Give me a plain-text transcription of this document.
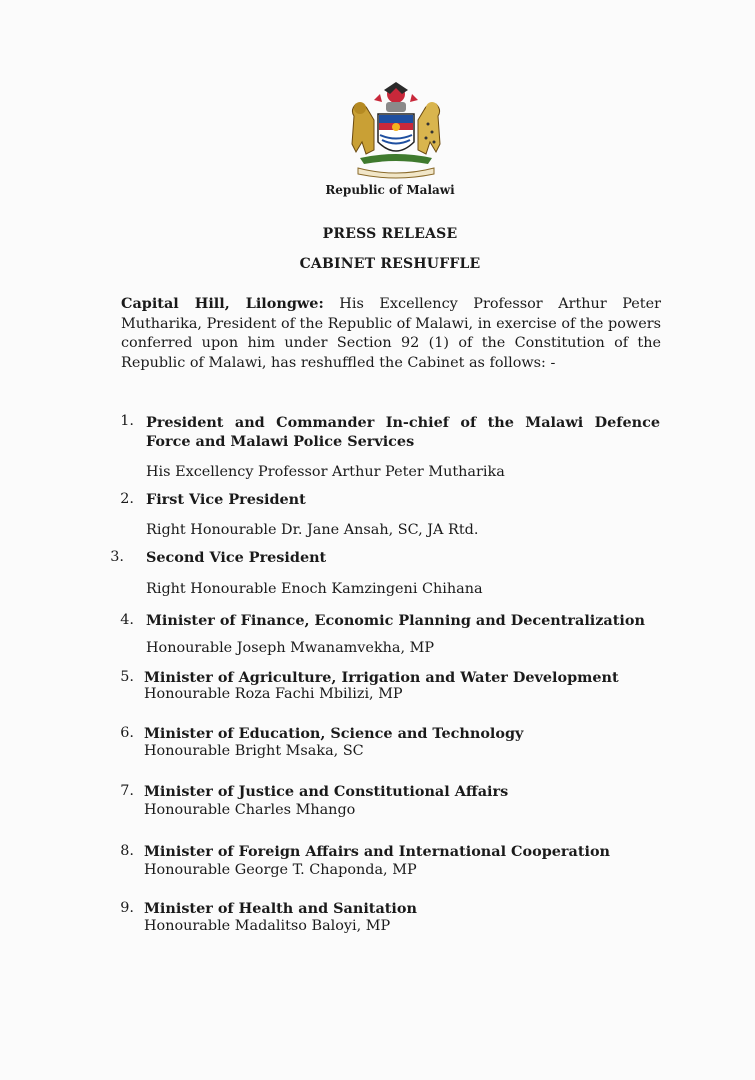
Republic of Malawi
PRESS RELEASE
CABINET RESHUFFLE
Capital Hill, Lilongwe: His Excellency Professor Arthur Peter Mutharika, President of the Republic of Malawi, in exercise of the powers conferred upon him under Section 92 (1) of the Constitution of the Republic of Malawi, has reshuffled the Cabinet as follows: -
1. President and Commander In-chief of the Malawi Defence Force and Malawi Police Services
His Excellency Professor Arthur Peter Mutharika
2. First Vice President
Right Honourable Dr. Jane Ansah, SC, JA Rtd.
3. Second Vice President
Right Honourable Enoch Kamzingeni Chihana
4. Minister of Finance, Economic Planning and Decentralization
Honourable Joseph Mwanamvekha, MP
5. Minister of Agriculture, Irrigation and Water Development
Honourable Roza Fachi Mbilizi, MP
6. Minister of Education, Science and Technology
Honourable Bright Msaka, SC
7. Minister of Justice and Constitutional Affairs
Honourable Charles Mhango
8. Minister of Foreign Affairs and International Cooperation
Honourable George T. Chaponda, MP
9. Minister of Health and Sanitation
Honourable Madalitso Baloyi, MP
